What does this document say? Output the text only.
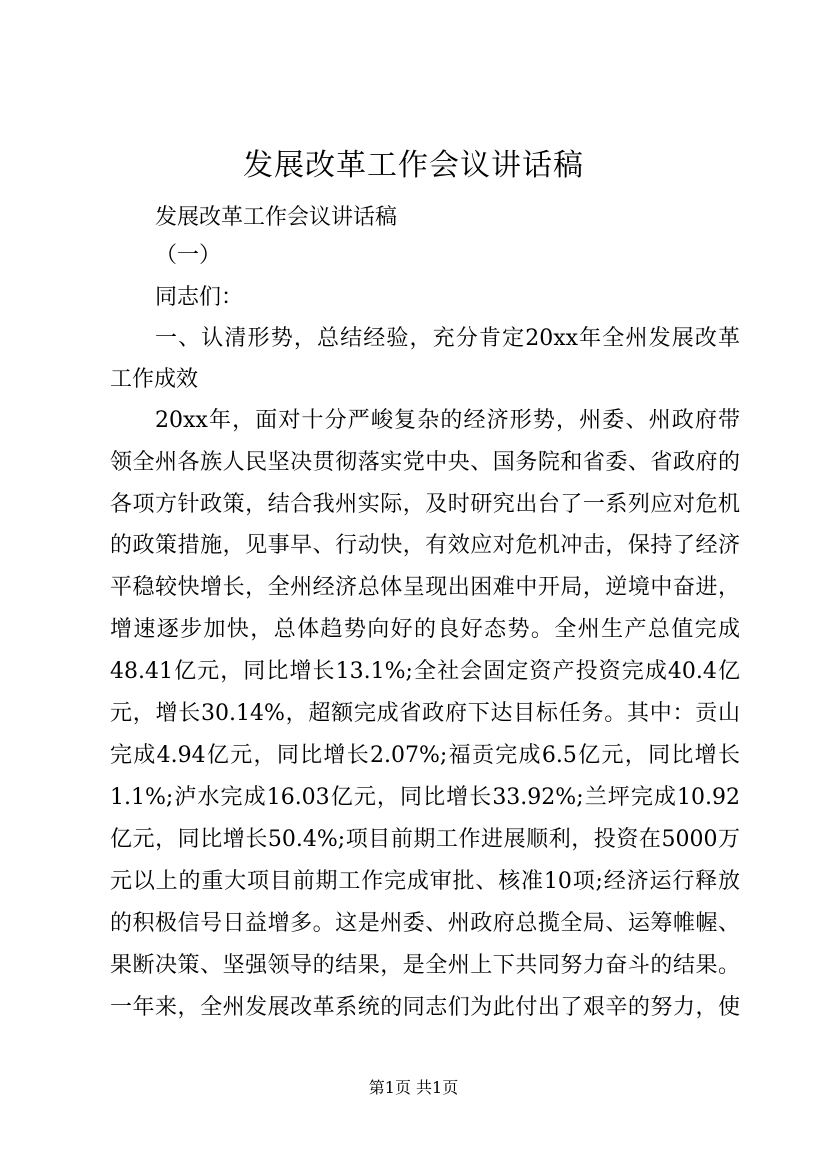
发展改革工作会议讲话稿
发展改革工作会议讲话稿
（一）
同志们：
一、认清形势，总结经验，充分肯定20xx年全州发展改革
工作成效
20xx年，面对十分严峻复杂的经济形势，州委、州政府带
领全州各族人民坚决贯彻落实党中央、国务院和省委、省政府的
各项方针政策，结合我州实际，及时研究出台了一系列应对危机
的政策措施，见事早、行动快，有效应对危机冲击，保持了经济
平稳较快增长，全州经济总体呈现出困难中开局，逆境中奋进，
增速逐步加快，总体趋势向好的良好态势。全州生产总值完成
48.41亿元，同比增长13.1%;全社会固定资产投资完成40.4亿
元，增长30.14%，超额完成省政府下达目标任务。其中：贡山
完成4.94亿元，同比增长2.07%;福贡完成6.5亿元，同比增长
1.1%;泸水完成16.03亿元，同比增长33.92%;兰坪完成10.92
亿元，同比增长50.4%;项目前期工作进展顺利，投资在5000万
元以上的重大项目前期工作完成审批、核准10项;经济运行释放
的积极信号日益增多。这是州委、州政府总揽全局、运筹帷幄、
果断决策、坚强领导的结果，是全州上下共同努力奋斗的结果。
一年来，全州发展改革系统的同志们为此付出了艰辛的努力，使
第1页 共1页
